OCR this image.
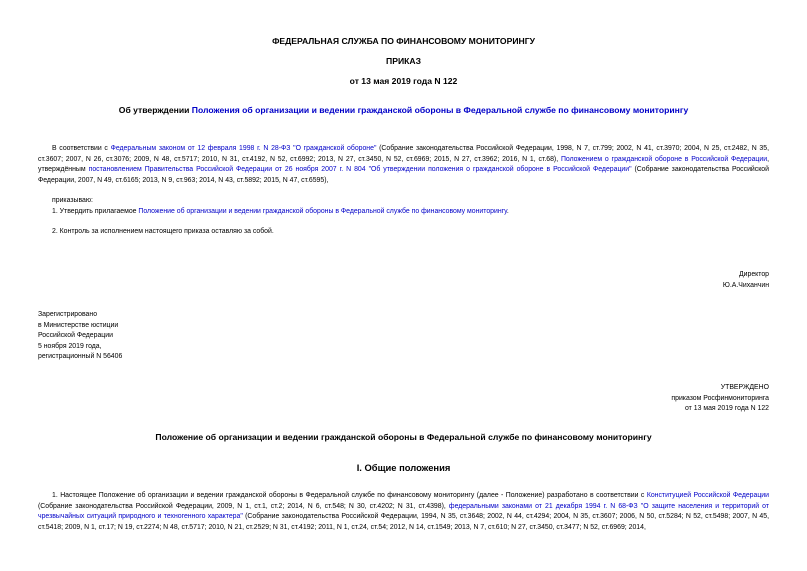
ФЕДЕРАЛЬНАЯ СЛУЖБА ПО ФИНАНСОВОМУ МОНИТОРИНГУ
ПРИКАЗ
от 13 мая 2019 года N 122
Об утверждении Положения об организации и ведении гражданской обороны в Федеральной службе по финансовому мониторингу
В соответствии с Федеральным законом от 12 февраля 1998 г. N 28-ФЗ "О гражданской обороне" (Собрание законодательства Российской Федерации, 1998, N 7, ст.799; 2002, N 41, ст.3970; 2004, N 25, ст.2482, N 35, ст.3607; 2007, N 26, ст.3076; 2009, N 48, ст.5717; 2010, N 31, ст.4192, N 52, ст.6992; 2013, N 27, ст.3450, N 52, ст.6969; 2015, N 27, ст.3962; 2016, N 1, ст.68), Положением о гражданской обороне в Российской Федерации, утверждённым постановлением Правительства Российской Федерации от 26 ноября 2007 г. N 804 "Об утверждении положения о гражданской обороне в Российской Федерации" (Собрание законодательства Российской Федерации, 2007, N 49, ст.6165; 2013, N 9, ст.963; 2014, N 43, ст.5892; 2015, N 47, ст.6595),
приказываю:
1. Утвердить прилагаемое Положение об организации и ведении гражданской обороны в Федеральной службе по финансовому мониторингу.
2. Контроль за исполнением настоящего приказа оставляю за собой.
Директор
Ю.А.Чиханчин
Зарегистрировано
в Министерстве юстиции
Российской Федерации
5 ноября 2019 года,
регистрационный N 56406
УТВЕРЖДЕНО
приказом Росфинмониторинга
от 13 мая 2019 года N 122
Положение об организации и ведении гражданской обороны в Федеральной службе по финансовому мониторингу
I. Общие положения
1. Настоящее Положение об организации и ведении гражданской обороны в Федеральной службе по финансовому мониторингу (далее - Положение) разработано в соответствии с Конституцией Российской Федерации (Собрание законодательства Российской Федерации, 2009, N 1, ст.1, ст.2; 2014, N 6, ст.548; N 30, ст.4202; N 31, ст.4398), федеральными законами от 21 декабря 1994 г. N 68-ФЗ "О защите населения и территорий от чрезвычайных ситуаций природного и техногенного характера" (Собрание законодательства Российской Федерации, 1994, N 35, ст.3648; 2002, N 44, ст.4294; 2004, N 35, ст.3607; 2006, N 50, ст.5284; N 52, ст.5498; 2007, N 45, ст.5418; 2009, N 1, ст.17; N 19, ст.2274; N 48, ст.5717; 2010, N 21, ст.2529; N 31, ст.4192; 2011, N 1, ст.24, ст.54; 2012, N 14, ст.1549; 2013, N 7, ст.610; N 27, ст.3450, ст.3477; N 52, ст.6969; 2014,
